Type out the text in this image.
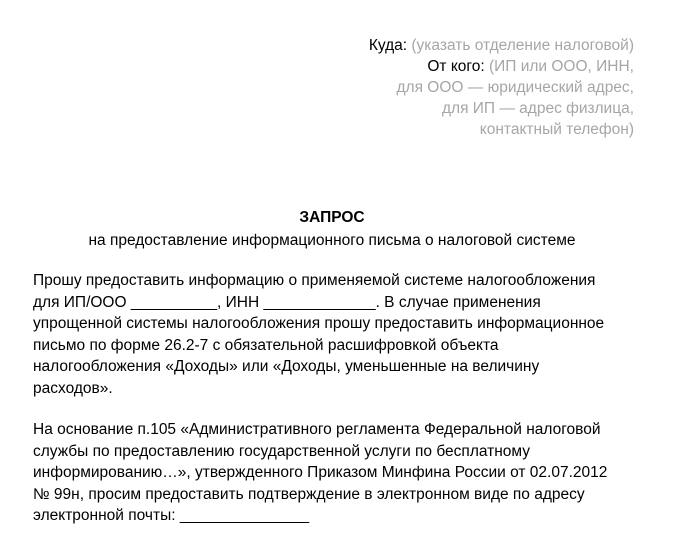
Куда: (указать отделение налоговой)
От кого: (ИП или ООО, ИНН,
для ООО — юридический адрес,
для ИП — адрес физлица,
контактный телефон)
ЗАПРОС
на предоставление информационного письма о налоговой системе
Прошу предоставить информацию о применяемой системе налогообложения
для ИП/ООО __________, ИНН _____________. В случае применения
упрощенной системы налогообложения прошу предоставить информационное
письмо по форме 26.2-7 с обязательной расшифровкой объекта
налогообложения «Доходы» или «Доходы, уменьшенные на величину
расходов».
На основание п.105 «Административного регламента Федеральной налоговой
службы по предоставлению государственной услуги по бесплатному
информированию…», утвержденного Приказом Минфина России от 02.07.2012
№ 99н, просим предоставить подтверждение в электронном виде по адресу
электронной почты: _______________
